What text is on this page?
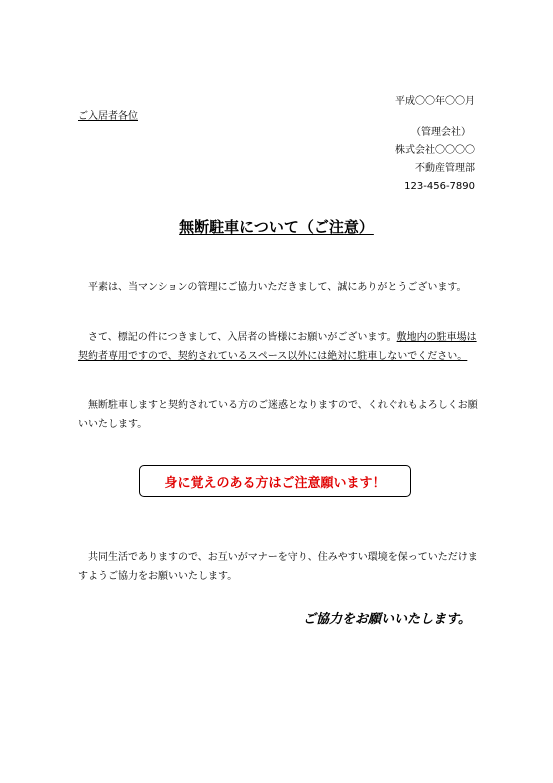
平成〇〇年〇〇月
ご入居者各位
（管理会社）
株式会社〇〇〇〇
不動産管理部
123-456-7890
無断駐車について（ご注意）
平素は、当マンションの管理にご協力いただきまして、誠にありがとうございます。
さて、標記の件につきまして、入居者の皆様にお願いがございます。敷地内の駐車場は契約者専用ですので、契約されているスペース以外には絶対に駐車しないでください。
無断駐車しますと契約されている方のご迷惑となりますので、くれぐれもよろしくお願いいたします。
身に覚えのある方はご注意願います！
共同生活でありますので、お互いがマナーを守り、住みやすい環境を保っていただけますようご協力をお願いいたします。
ご協力をお願いいたします。
